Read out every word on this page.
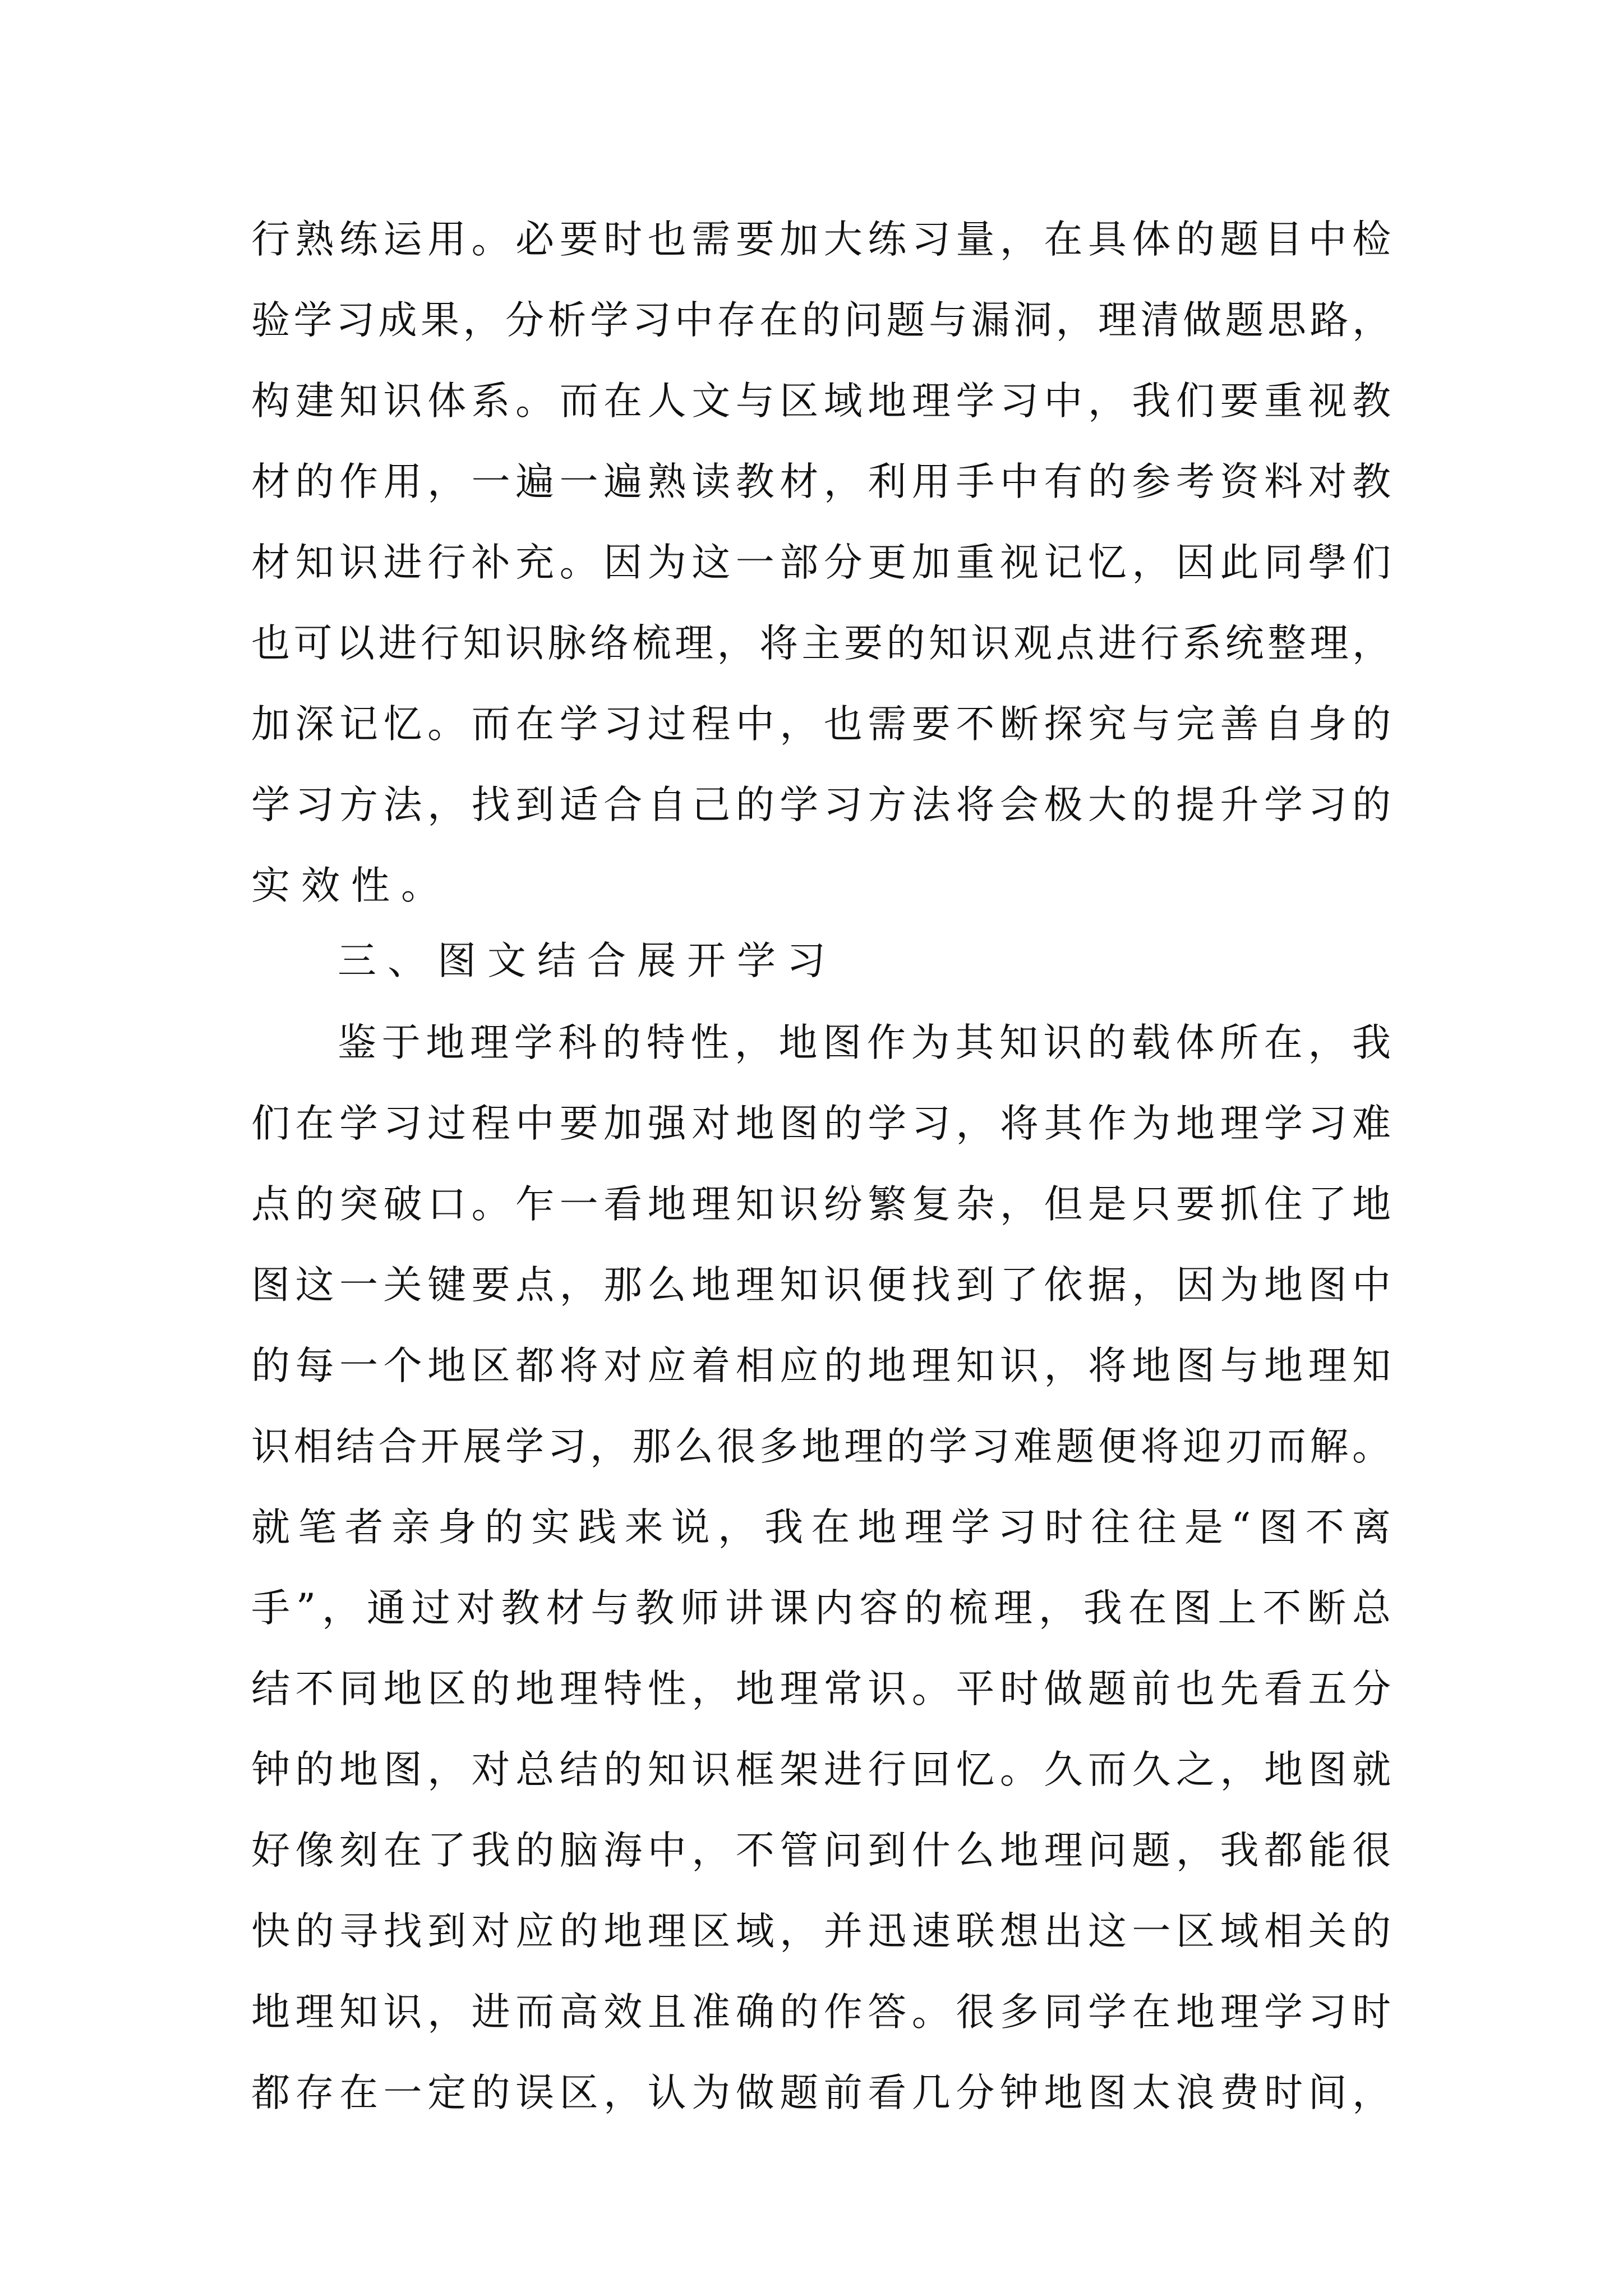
行熟练运用。必要时也需要加大练习量，在具体的题目中检
验学习成果，分析学习中存在的问题与漏洞，理清做题思路，
构建知识体系。而在人文与区域地理学习中，我们要重视教
材的作用，一遍一遍熟读教材，利用手中有的参考资料对教
材知识进行补充。因为这一部分更加重视记忆，因此同學们
也可以进行知识脉络梳理，将主要的知识观点进行系统整理，
加深记忆。而在学习过程中，也需要不断探究与完善自身的
学习方法，找到适合自己的学习方法将会极大的提升学习的
实效性。
三、图文结合展开学习
鉴于地理学科的特性，地图作为其知识的载体所在，我
们在学习过程中要加强对地图的学习，将其作为地理学习难
点的突破口。乍一看地理知识纷繁复杂，但是只要抓住了地
图这一关键要点，那么地理知识便找到了依据，因为地图中
的每一个地区都将对应着相应的地理知识，将地图与地理知
识相结合开展学习，那么很多地理的学习难题便将迎刃而解。
就笔者亲身的实践来说，我在地理学习时往往是“图不离
手”，通过对教材与教师讲课内容的梳理，我在图上不断总
结不同地区的地理特性，地理常识。平时做题前也先看五分
钟的地图，对总结的知识框架进行回忆。久而久之，地图就
好像刻在了我的脑海中，不管问到什么地理问题，我都能很
快的寻找到对应的地理区域，并迅速联想出这一区域相关的
地理知识，进而高效且准确的作答。很多同学在地理学习时
都存在一定的误区，认为做题前看几分钟地图太浪费时间，
